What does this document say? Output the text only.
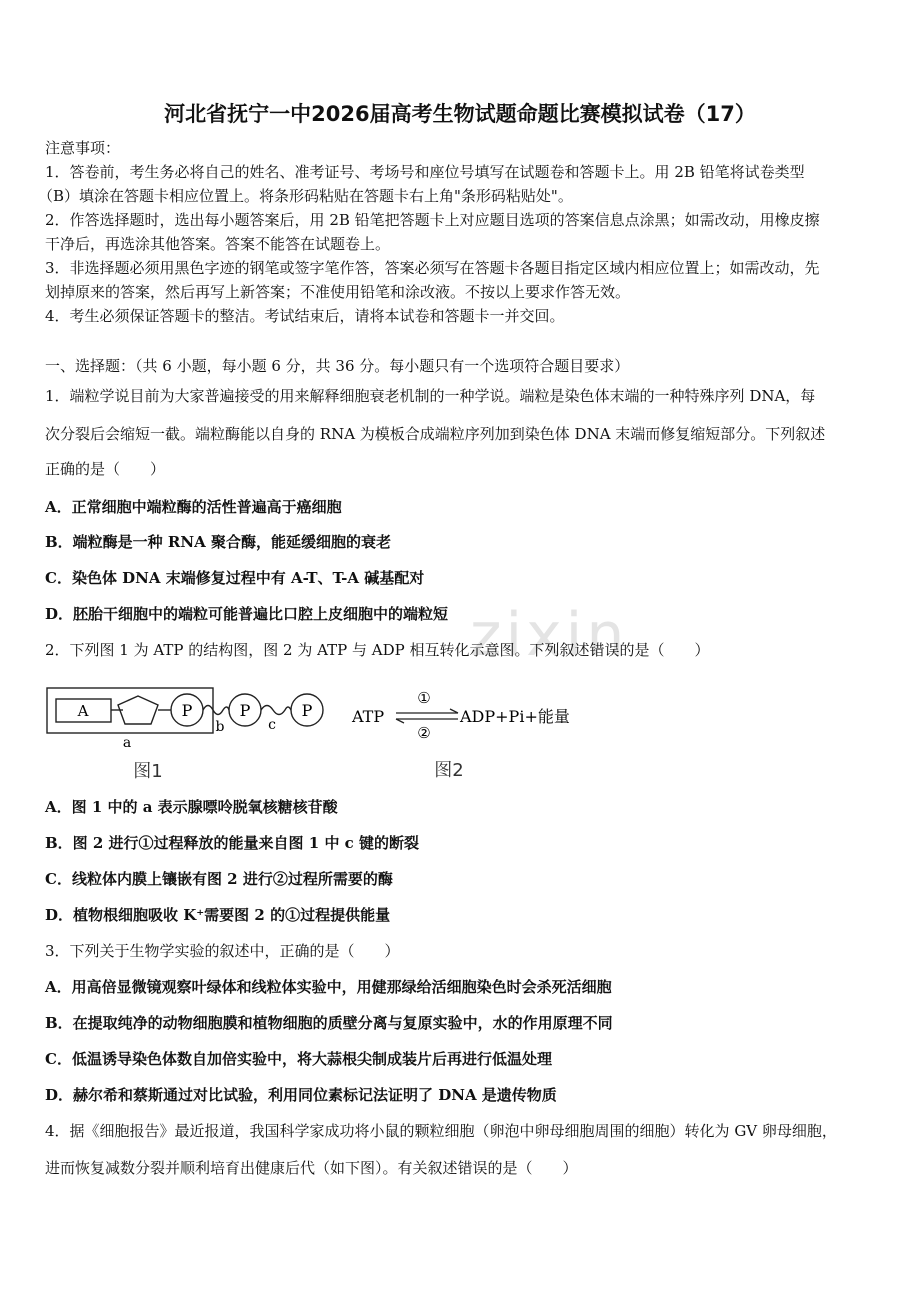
河北省抚宁一中2026届高考生物试题命题比赛模拟试卷（17）
注意事项：
1．答卷前，考生务必将自己的姓名、准考证号、考场号和座位号填写在试题卷和答题卡上。用 2B 铅笔将试卷类型
（B）填涂在答题卡相应位置上。将条形码粘贴在答题卡右上角"条形码粘贴处"。
2．作答选择题时，选出每小题答案后，用 2B 铅笔把答题卡上对应题目选项的答案信息点涂黑；如需改动，用橡皮擦
干净后，再选涂其他答案。答案不能答在试题卷上。
3．非选择题必须用黑色字迹的钢笔或签字笔作答，答案必须写在答题卡各题目指定区域内相应位置上；如需改动，先
划掉原来的答案，然后再写上新答案；不准使用铅笔和涂改液。不按以上要求作答无效。
4．考生必须保证答题卡的整洁。考试结束后，请将本试卷和答题卡一并交回。
一、选择题：（共 6 小题，每小题 6 分，共 36 分。每小题只有一个选项符合题目要求）
1．端粒学说目前为大家普遍接受的用来解释细胞衰老机制的一种学说。端粒是染色体末端的一种特殊序列 DNA，每
次分裂后会缩短一截。端粒酶能以自身的 RNA 为模板合成端粒序列加到染色体 DNA 末端而修复缩短部分。下列叙述
正确的是（　　）
A．正常细胞中端粒酶的活性普遍高于癌细胞
B．端粒酶是一种 RNA 聚合酶，能延缓细胞的衰老
C．染色体 DNA 末端修复过程中有 A-T、T-A 碱基配对
D．胚胎干细胞中的端粒可能普遍比口腔上皮细胞中的端粒短 zixin
2．下列图 1 为 ATP 的结构图，图 2 为 ATP 与 ADP 相互转化示意图。下列叙述错误的是（　　）
A	P	P	P
a
b	c
图1
ATP
①
②
ADP+Pi+能量
图2
A．图 1 中的 a 表示腺嘌呤脱氧核糖核苷酸
B．图 2 进行①过程释放的能量来自图 1 中 c 键的断裂
C．线粒体内膜上镶嵌有图 2 进行②过程所需要的酶
D．植物根细胞吸收 K⁺需要图 2 的①过程提供能量
3．下列关于生物学实验的叙述中，正确的是（　　）
A．用高倍显微镜观察叶绿体和线粒体实验中，用健那绿给活细胞染色时会杀死活细胞
B．在提取纯净的动物细胞膜和植物细胞的质壁分离与复原实验中，水的作用原理不同
C．低温诱导染色体数自加倍实验中，将大蒜根尖制成装片后再进行低温处理
D．赫尔希和蔡斯通过对比试验，利用同位素标记法证明了 DNA 是遗传物质
4．据《细胞报告》最近报道，我国科学家成功将小鼠的颗粒细胞（卵泡中卵母细胞周围的细胞）转化为 GV 卵母细胞，
进而恢复减数分裂并顺利培育出健康后代（如下图）。有关叙述错误的是（　　）
